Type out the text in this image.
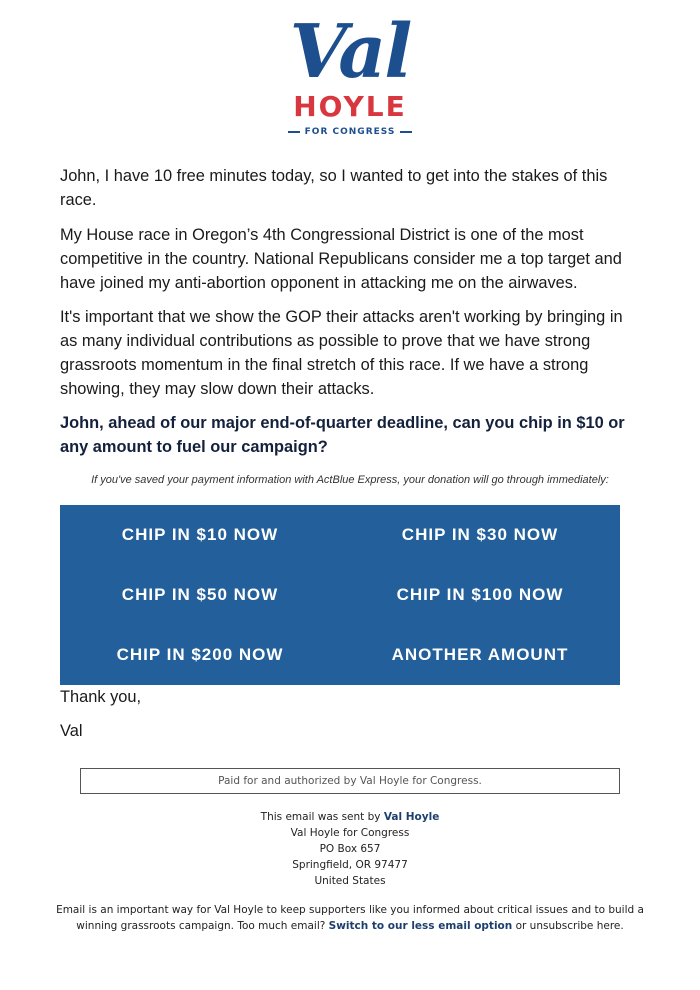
Val
HOYLE
FOR CONGRESS

John, I have 10 free minutes today, so I wanted to get into the stakes of this race.

My House race in Oregon’s 4th Congressional District is one of the most competitive in the country. National Republicans consider me a top target and have joined my anti-abortion opponent in attacking me on the airwaves.

It's important that we show the GOP their attacks aren't working by bringing in as many individual contributions as possible to prove that we have strong grassroots momentum in the final stretch of this race. If we have a strong showing, they may slow down their attacks.

John, ahead of our major end-of-quarter deadline, can you chip in $10 or any amount to fuel our campaign?

If you've saved your payment information with ActBlue Express, your donation will go through immediately:
CHIP IN $10 NOW	CHIP IN $30 NOW
CHIP IN $50 NOW	CHIP IN $100 NOW
CHIP IN $200 NOW	ANOTHER AMOUNT
Thank you,
Val
Paid for and authorized by Val Hoyle for Congress.
This email was sent by Val Hoyle
Val Hoyle for Congress
PO Box 657
Springfield, OR 97477
United States
Email is an important way for Val Hoyle to keep supporters like you informed about critical issues and to build a winning grassroots campaign. Too much email? Switch to our less email option or unsubscribe here.
